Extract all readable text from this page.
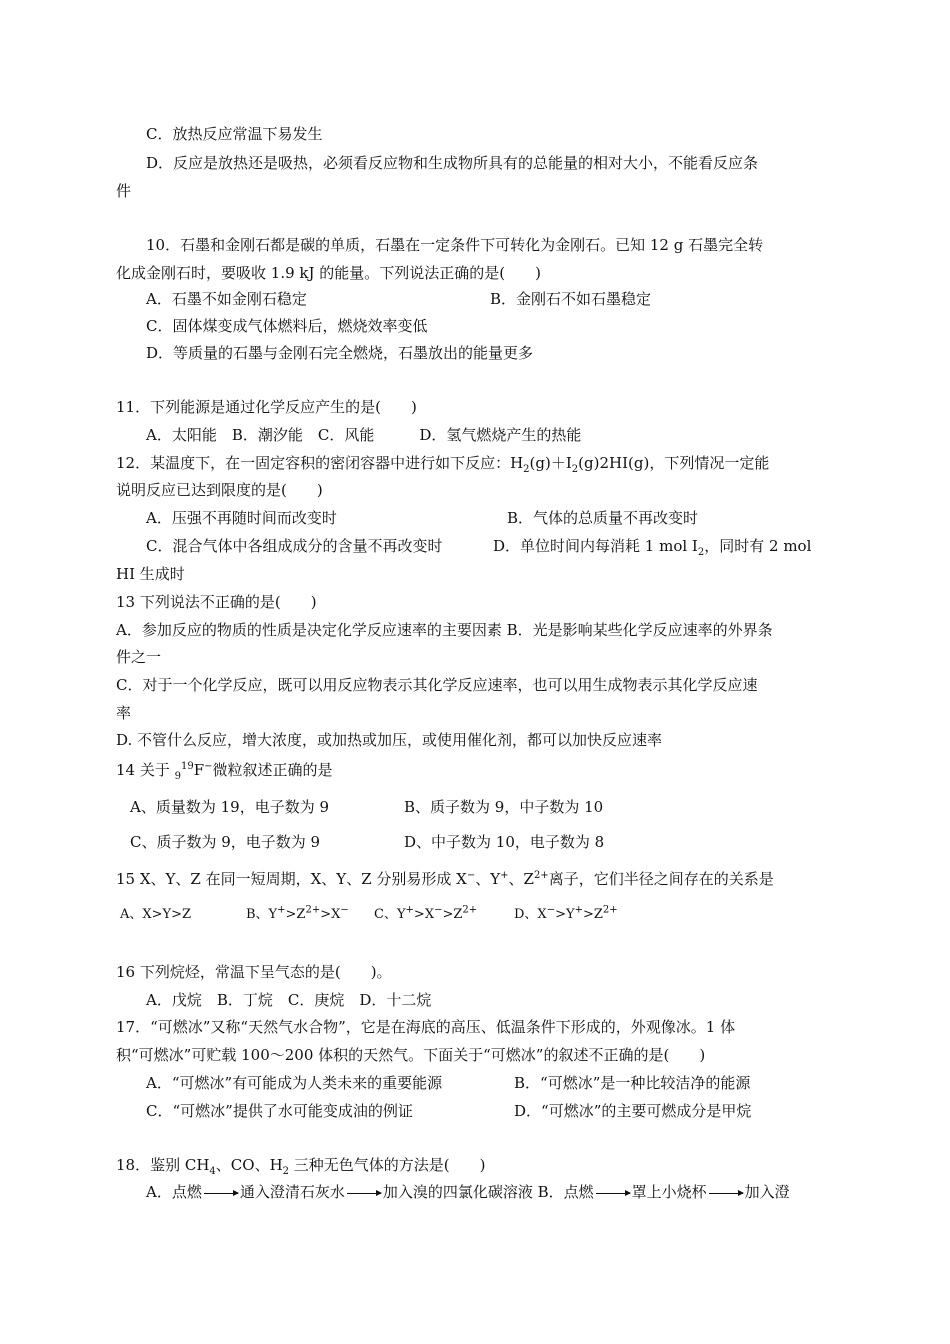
C．放热反应常温下易发生
D．反应是放热还是吸热，必须看反应物和生成物所具有的总能量的相对大小，不能看反应条
件
10．石墨和金刚石都是碳的单质，石墨在一定条件下可转化为金刚石。已知 12 g 石墨完全转
化成金刚石时，要吸收 1.9 kJ 的能量。下列说法正确的是(　　)
A．石墨不如金刚石稳定	B．金刚石不如石墨稳定
C．固体煤变成气体燃料后，燃烧效率变低
D．等质量的石墨与金刚石完全燃烧，石墨放出的能量更多
11．下列能源是通过化学反应产生的是(　　)
A．太阳能　B．潮汐能　C．风能　　　D．氢气燃烧产生的热能
12．某温度下，在一固定容积的密闭容器中进行如下反应：$H_2(g)+I_2(g)2HI(g)$，下列情况一定能
说明反应已达到限度的是(　　)
A．压强不再随时间而改变时	B．气体的总质量不再改变时
C．混合气体中各组成成分的含量不再改变时	D．单位时间内每消耗 1 mol $I_2$，同时有 2 mol
HI 生成时
13 下列说法不正确的是(　　)
A．参加反应的物质的性质是决定化学反应速率的主要因素 B．光是影响某些化学反应速率的外界条
件之一
C．对于一个化学反应，既可以用反应物表示其化学反应速率，也可以用生成物表示其化学反应速
率
D. 不管什么反应，增大浓度，或加热或加压，或使用催化剂，都可以加快反应速率
14 关于 $_9^{19}$F−微粒叙述正确的是
A、质量数为 19，电子数为 9	B、质子数为 9，中子数为 10
C、质子数为 9，电子数为 9	D、中子数为 10，电子数为 8
15 X、Y、Z 在同一短周期，X、Y、Z 分别易形成 X−、Y+、$Z^{2+}$离子，它们半径之间存在的关系是
A、X>Y>Z	B、$Y^+>Z^{2+}>X^-$ C、$Y^+>X^->Z^{2+}$	D、$X^->Y^+>Z^{2+}$
16 下列烷烃，常温下呈气态的是(　　)。
A．戊烷　B．丁烷　C．庚烷　D．十二烷
17．“可燃冰”又称“天然气水合物”，它是在海底的高压、低温条件下形成的，外观像冰。1 体
积“可燃冰”可贮载 100～200 体积的天然气。下面关于“可燃冰”的叙述不正确的是(　　)
A．“可燃冰”有可能成为人类未来的重要能源	B．“可燃冰”是一种比较洁净的能源
C．“可燃冰”提供了水可能变成油的例证	D．“可燃冰”的主要可燃成分是甲烷
18．鉴别 $CH_4$、CO、$H_2$ 三种无色气体的方法是(　　)
A．点燃	通入澄清石灰水	加入溴的四氯化碳溶液 B．点燃	罩上小烧杯	加入澄
